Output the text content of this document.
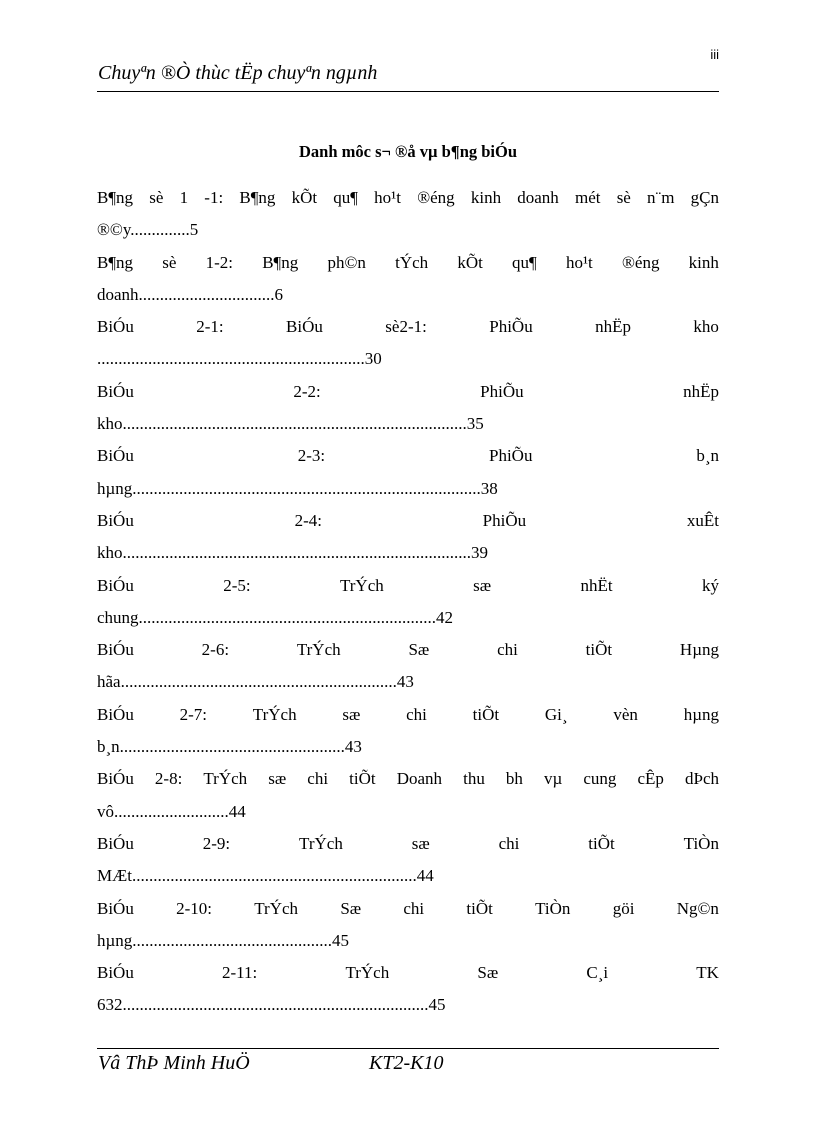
iii
Chuyªn ®Ò thùc tËp chuyªn ngµnh
Danh môc s¬ ®å vµ b¶ng biÓu
B¶ng sè 1 -1: B¶ng kÕt qu¶ ho¹t ®éng kinh doanh mét sè n¨m gÇn
®©y..............5
B¶ng sè 1-2: B¶ng ph©n tÝch kÕt qu¶ ho¹t ®éng kinh
doanh................................6
BiÓu	2-1:	BiÓu	sè2-1:	PhiÕu	nhËp	kho
...............................................................30
BiÓu	2-2:	PhiÕu	nhËp
kho.................................................................................35
BiÓu	2-3:	PhiÕu	b¸n
hµng..................................................................................38
BiÓu	2-4:	PhiÕu	xuÊt
kho..................................................................................39
BiÓu	2-5:	TrÝch	sæ	nhËt	ký
chung......................................................................42
BiÓu	2-6:	TrÝch	Sæ	chi	tiÕt	Hµng
hãa.................................................................43
BiÓu	2-7:	TrÝch	sæ	chi	tiÕt	Gi¸	vèn	hµng
b¸n.....................................................43
BiÓu 2-8: TrÝch sæ chi tiÕt Doanh thu bh vµ cung cÊp dÞch
vô...........................44
BiÓu	2-9:	TrÝch	sæ	chi	tiÕt	TiÒn
MÆt...................................................................44
BiÓu 2-10: TrÝch Sæ chi tiÕt TiÒn göi Ng©n
hµng...............................................45
BiÓu	2-11:	TrÝch	Sæ	C¸i	TK
632........................................................................45
Vâ ThÞ Minh HuÖ	KT2-K10
